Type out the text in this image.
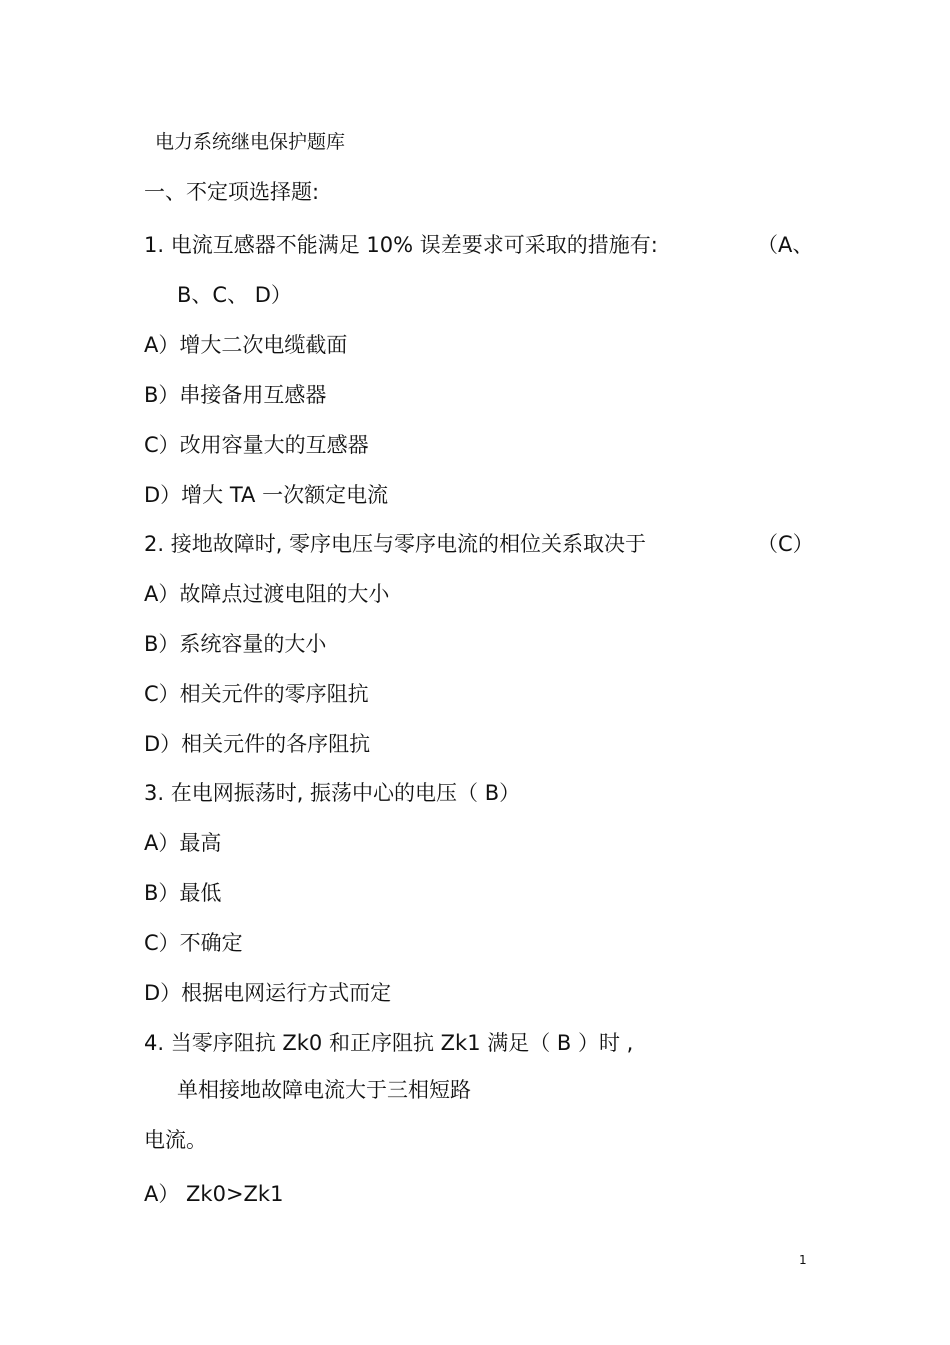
电力系统继电保护题库
一、不定项选择题:
1. 电流互感器不能满足 10% 误差要求可采取的措施有:	（A、
B、C、 D）
A）增大二次电缆截面
B）串接备用互感器
C）改用容量大的互感器
D）增大 TA 一次额定电流
2. 接地故障时, 零序电压与零序电流的相位关系取决于	（C）
A）故障点过渡电阻的大小
B）系统容量的大小
C）相关元件的零序阻抗
D）相关元件的各序阻抗
3. 在电网振荡时, 振荡中心的电压（ B）
A）最高
B）最低
C）不确定
D）根据电网运行方式而定
4. 当零序阻抗 Zk0 和正序阻抗 Zk1 满足（ B ）时 ,
单相接地故障电流大于三相短路
电流。
A） Zk0>Zk1
1
